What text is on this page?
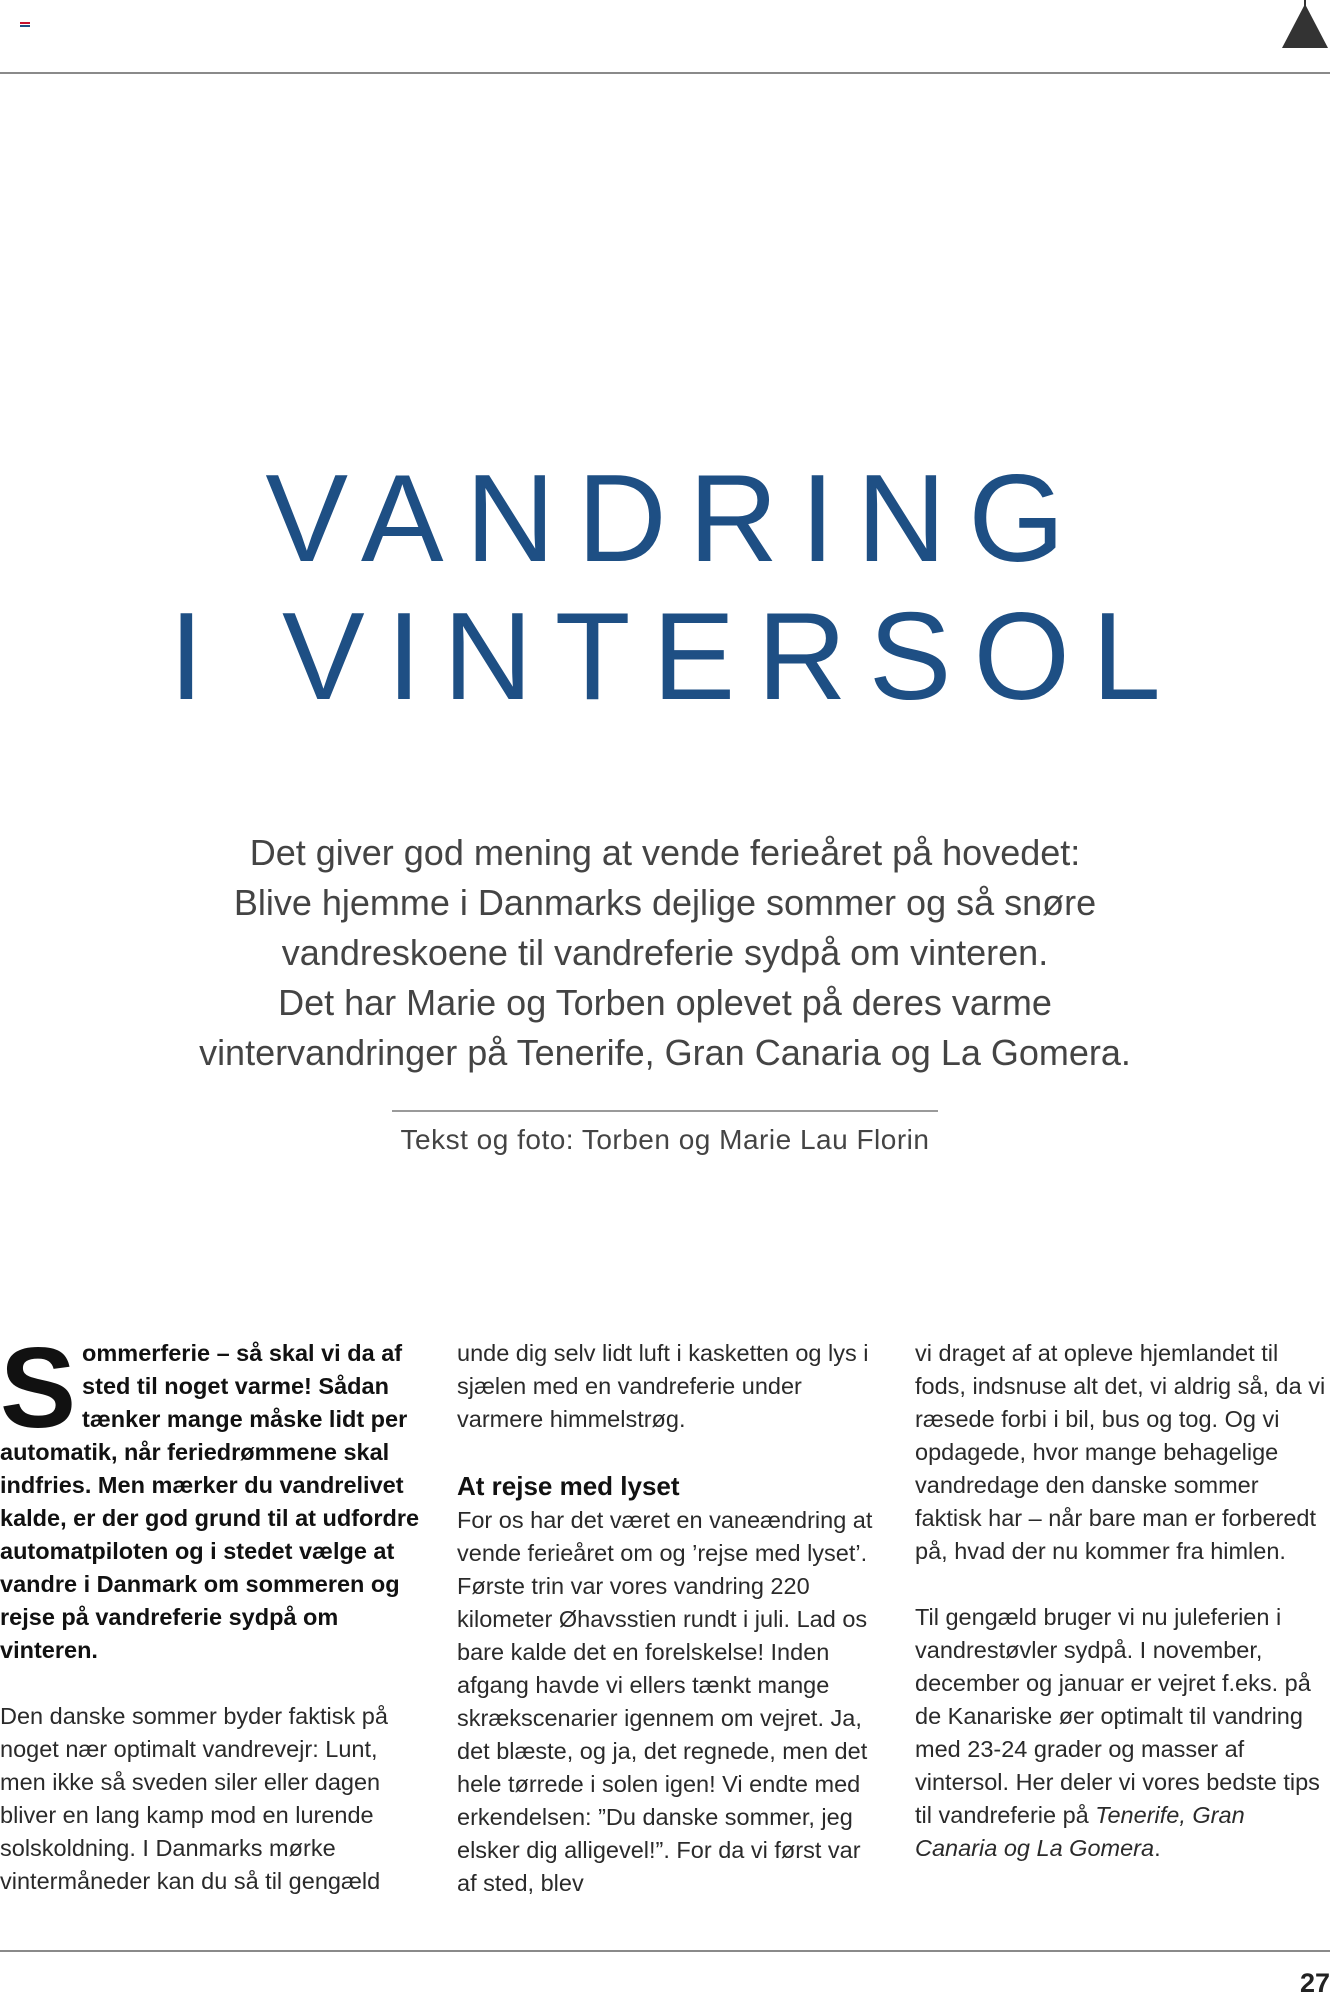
VANDRING
I VINTERSOL
Det giver god mening at vende ferieåret på hovedet:
Blive hjemme i Danmarks dejlige sommer og så snøre
vandreskoene til vandreferie sydpå om vinteren.
Det har Marie og Torben oplevet på deres varme
vintervandringer på Tenerife, Gran Canaria og La Gomera.
Tekst og foto: Torben og Marie Lau Florin

Sommerferie – så skal vi da af sted til noget varme! Sådan tænker mange måske lidt per automatik, når feriedrømmene skal indfries. Men mærker du vandrelivet kalde, er der god grund til at udfordre automatpiloten og i stedet vælge at vandre i Danmark om sommeren og rejse på vandreferie sydpå om vinteren.

Den danske sommer byder faktisk på noget nær optimalt vandrevejr: Lunt, men ikke så sveden siler eller dagen bliver en lang kamp mod en lurende solskoldning. I Danmarks mørke vintermåneder kan du så til gengæld

unde dig selv lidt luft i kasketten og lys i sjælen med en vandreferie under varmere himmelstrøg.

At rejse med lyset

For os har det været en vaneændring at vende ferieåret om og ’rejse med lyset’. Første trin var vores vandring 220 kilometer Øhavsstien rundt i juli. Lad os bare kalde det en forelskelse! Inden afgang havde vi ellers tænkt mange skrækscenarier igennem om vejret. Ja, det blæste, og ja, det regnede, men det hele tørrede i solen igen! Vi endte med erkendelsen: ”Du danske sommer, jeg elsker dig alligevel!”. For da vi først var af sted, blev

vi draget af at opleve hjemlandet til fods, indsnuse alt det, vi aldrig så, da vi ræsede forbi i bil, bus og tog. Og vi opdagede, hvor mange behagelige vandredage den danske sommer faktisk har – når bare man er forberedt på, hvad der nu kommer fra himlen.

Til gengæld bruger vi nu juleferien i vandrestøvler sydpå. I november, december og januar er vejret f.eks. på de Kanariske øer optimalt til vandring med 23-24 grader og masser af vintersol. Her deler vi vores bedste tips til vandreferie på Tenerife, Gran Canaria og La Gomera.

27
